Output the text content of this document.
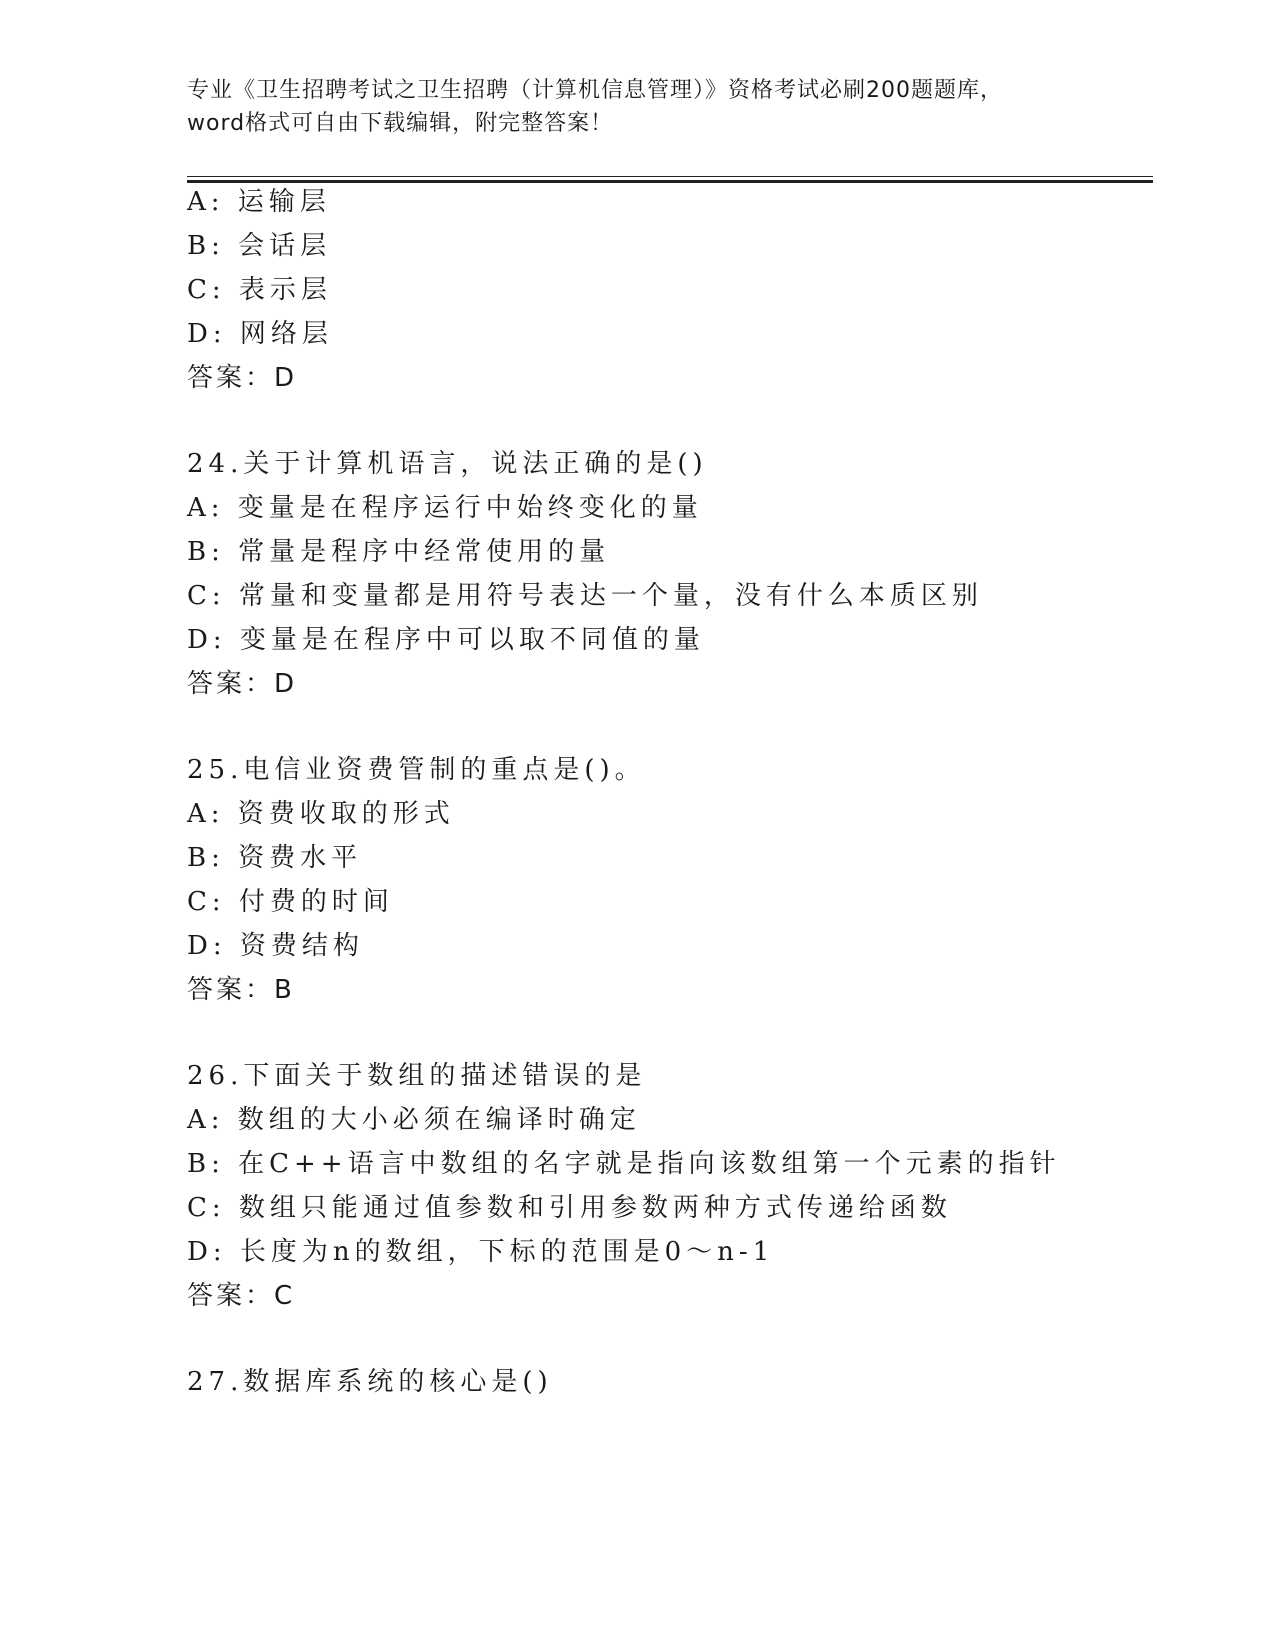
专业《卫生招聘考试之卫生招聘（计算机信息管理）》资格考试必刷200题题库，
word格式可自由下载编辑，附完整答案！
A: 运输层
B: 会话层
C: 表示层
D: 网络层
答案：D
24.关于计算机语言，说法正确的是()
A: 变量是在程序运行中始终变化的量
B: 常量是程序中经常使用的量
C: 常量和变量都是用符号表达一个量，没有什么本质区别
D: 变量是在程序中可以取不同值的量
答案：D
25.电信业资费管制的重点是()。
A: 资费收取的形式
B: 资费水平
C: 付费的时间
D: 资费结构
答案：B
26.下面关于数组的描述错误的是
A: 数组的大小必须在编译时确定
B: 在C++语言中数组的名字就是指向该数组第一个元素的指针
C: 数组只能通过值参数和引用参数两种方式传递给函数
D: 长度为n的数组，下标的范围是0～n-1
答案：C
27.数据库系统的核心是()
